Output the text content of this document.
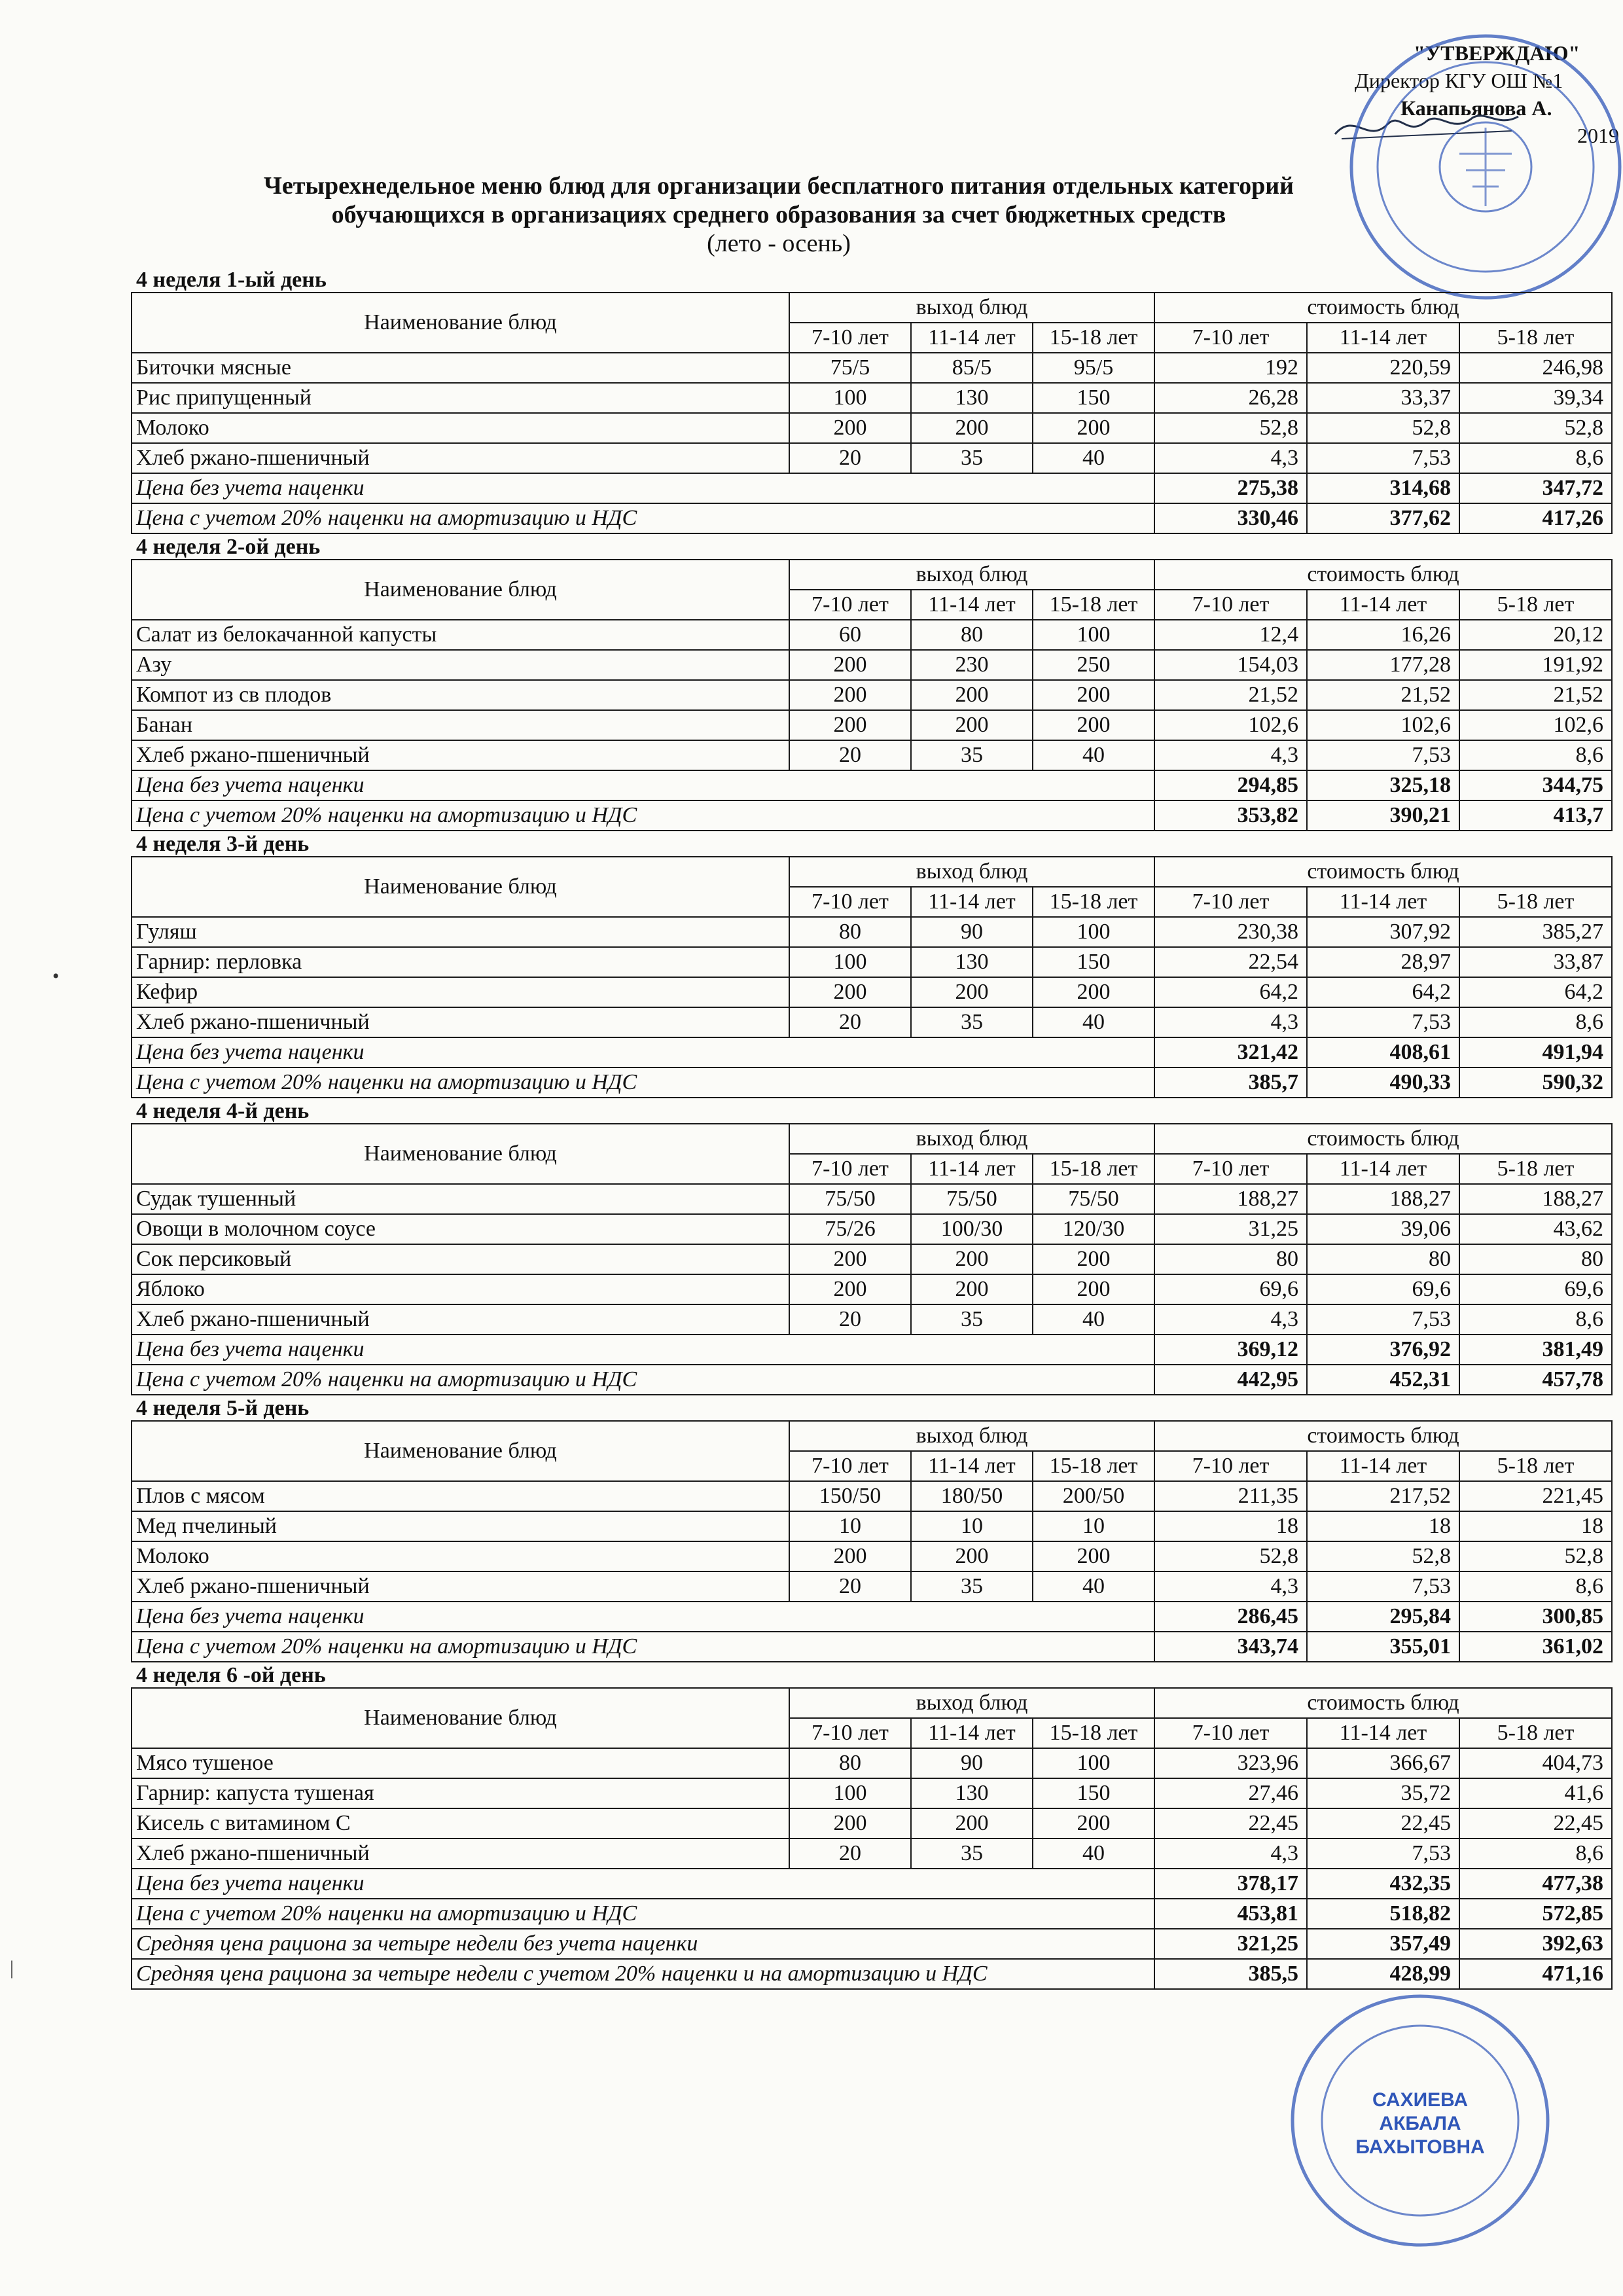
"УТВЕРЖДАЮ"
Директор КГУ ОШ №1
Канапьянова А.
2019
САХИЕВА
АКБАЛА
БАХЫТОВНА
Четырехнедельное меню блюд для организации бесплатного питания отдельных категорий
обучающихся в организациях среднего образования за счет бюджетных средств
(лето - осень)
4 неделя 1-ый день
Наименование блюд	выход блюд			стоимость блюд		
	7-10 лет	11-14 лет	15-18 лет	7-10 лет	11-14 лет	5-18 лет
Биточки мясные	75/5	85/5	95/5	192	220,59	246,98
Рис припущенный	100	130	150	26,28	33,37	39,34
Молоко	200	200	200	52,8	52,8	52,8
Хлеб ржано-пшеничный	20	35	40	4,3	7,53	8,6
Цена без учета наценки				275,38	314,68	347,72
Цена с учетом 20% наценки на амортизацию и НДС				330,46	377,62	417,26
4 неделя 2-ой день
Наименование блюд	выход блюд			стоимость блюд		
	7-10 лет	11-14 лет	15-18 лет	7-10 лет	11-14 лет	5-18 лет
Салат из белокачанной капусты	60	80	100	12,4	16,26	20,12
Азу	200	230	250	154,03	177,28	191,92
Компот из св плодов	200	200	200	21,52	21,52	21,52
Банан	200	200	200	102,6	102,6	102,6
Хлеб ржано-пшеничный	20	35	40	4,3	7,53	8,6
Цена без учета наценки				294,85	325,18	344,75
Цена с учетом 20% наценки на амортизацию и НДС				353,82	390,21	413,7
4 неделя 3-й день
Наименование блюд	выход блюд			стоимость блюд		
	7-10 лет	11-14 лет	15-18 лет	7-10 лет	11-14 лет	5-18 лет
Гуляш	80	90	100	230,38	307,92	385,27
Гарнир: перловка	100	130	150	22,54	28,97	33,87
Кефир	200	200	200	64,2	64,2	64,2
Хлеб ржано-пшеничный	20	35	40	4,3	7,53	8,6
Цена без учета наценки				321,42	408,61	491,94
Цена с учетом 20% наценки на амортизацию и НДС				385,7	490,33	590,32
4 неделя 4-й день
Наименование блюд	выход блюд			стоимость блюд		
	7-10 лет	11-14 лет	15-18 лет	7-10 лет	11-14 лет	5-18 лет
Судак тушенный	75/50	75/50	75/50	188,27	188,27	188,27
Овощи в молочном соусе	75/26	100/30	120/30	31,25	39,06	43,62
Сок персиковый	200	200	200	80	80	80
Яблоко	200	200	200	69,6	69,6	69,6
Хлеб ржано-пшеничный	20	35	40	4,3	7,53	8,6
Цена без учета наценки				369,12	376,92	381,49
Цена с учетом 20% наценки на амортизацию и НДС				442,95	452,31	457,78
4 неделя 5-й день
Наименование блюд	выход блюд			стоимость блюд		
	7-10 лет	11-14 лет	15-18 лет	7-10 лет	11-14 лет	5-18 лет
Плов с мясом	150/50	180/50	200/50	211,35	217,52	221,45
Мед пчелиный	10	10	10	18	18	18
Молоко	200	200	200	52,8	52,8	52,8
Хлеб ржано-пшеничный	20	35	40	4,3	7,53	8,6
Цена без учета наценки				286,45	295,84	300,85
Цена с учетом 20% наценки на амортизацию и НДС				343,74	355,01	361,02
4 неделя 6 -ой день
Наименование блюд	выход блюд			стоимость блюд		
	7-10 лет	11-14 лет	15-18 лет	7-10 лет	11-14 лет	5-18 лет
Мясо тушеное	80	90	100	323,96	366,67	404,73
Гарнир: капуста тушеная	100	130	150	27,46	35,72	41,6
Кисель с витамином С	200	200	200	22,45	22,45	22,45
Хлеб ржано-пшеничный	20	35	40	4,3	7,53	8,6
Цена без учета наценки				378,17	432,35	477,38
Цена с учетом 20% наценки на амортизацию и НДС				453,81	518,82	572,85
Средняя цена рациона за четыре недели без учета наценки				321,25	357,49	392,63
Средняя цена рациона за четыре недели с учетом 20% наценки и на амортизацию и НДС				385,5	428,99	471,16
•
|
